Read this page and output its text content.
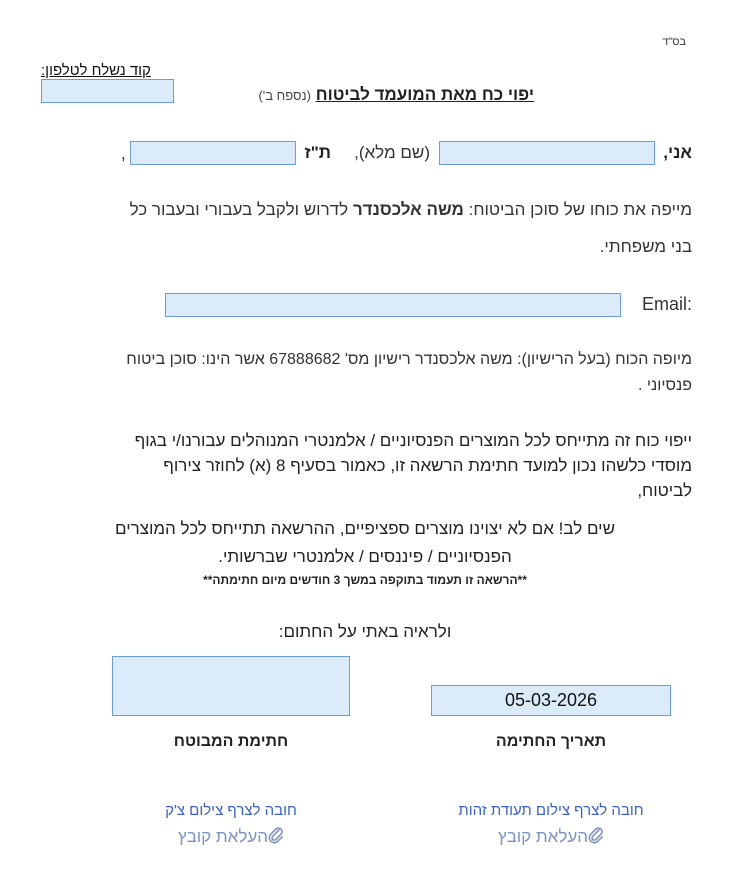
בס"ד
קוד נשלח לטלפון:
יפוי כח מאת המועמד לביטוח (נספח ב')
אני,
(שם מלא),
ת"ז
,
מייפה את כוחו של סוכן הביטוח: משה אלכסנדר לדרוש ולקבל בעבורי ובעבור כל
בני משפחתי.
Email:
מיופה הכוח (בעל הרישיון): משה אלכסנדר רישיון מס' 67888682 אשר הינו: סוכן ביטוח
פנסיוני .
ייפוי כוח זה מתייחס לכל המוצרים הפנסיוניים / אלמנטרי המנוהלים עבורנו/י בגוף
מוסדי כלשהו נכון למועד חתימת הרשאה זו, כאמור בסעיף 8 (א) לחוזר צירוף
לביטוח,
שים לב! אם לא יצוינו מוצרים ספציפיים, ההרשאה תתייחס לכל המוצרים
הפנסיוניים / פיננסים / אלמנטרי שברשותי.
**הרשאה זו תעמוד בתוקפה במשך 3 חודשים מיום חתימתה**
ולראיה באתי על החתום:
05-03-2026
תאריך החתימה
חתימת המבוטח
חובה לצרף צילום תעודת זהות
העלאת קובץ
חובה לצרף צילום צ'ק
העלאת קובץ
